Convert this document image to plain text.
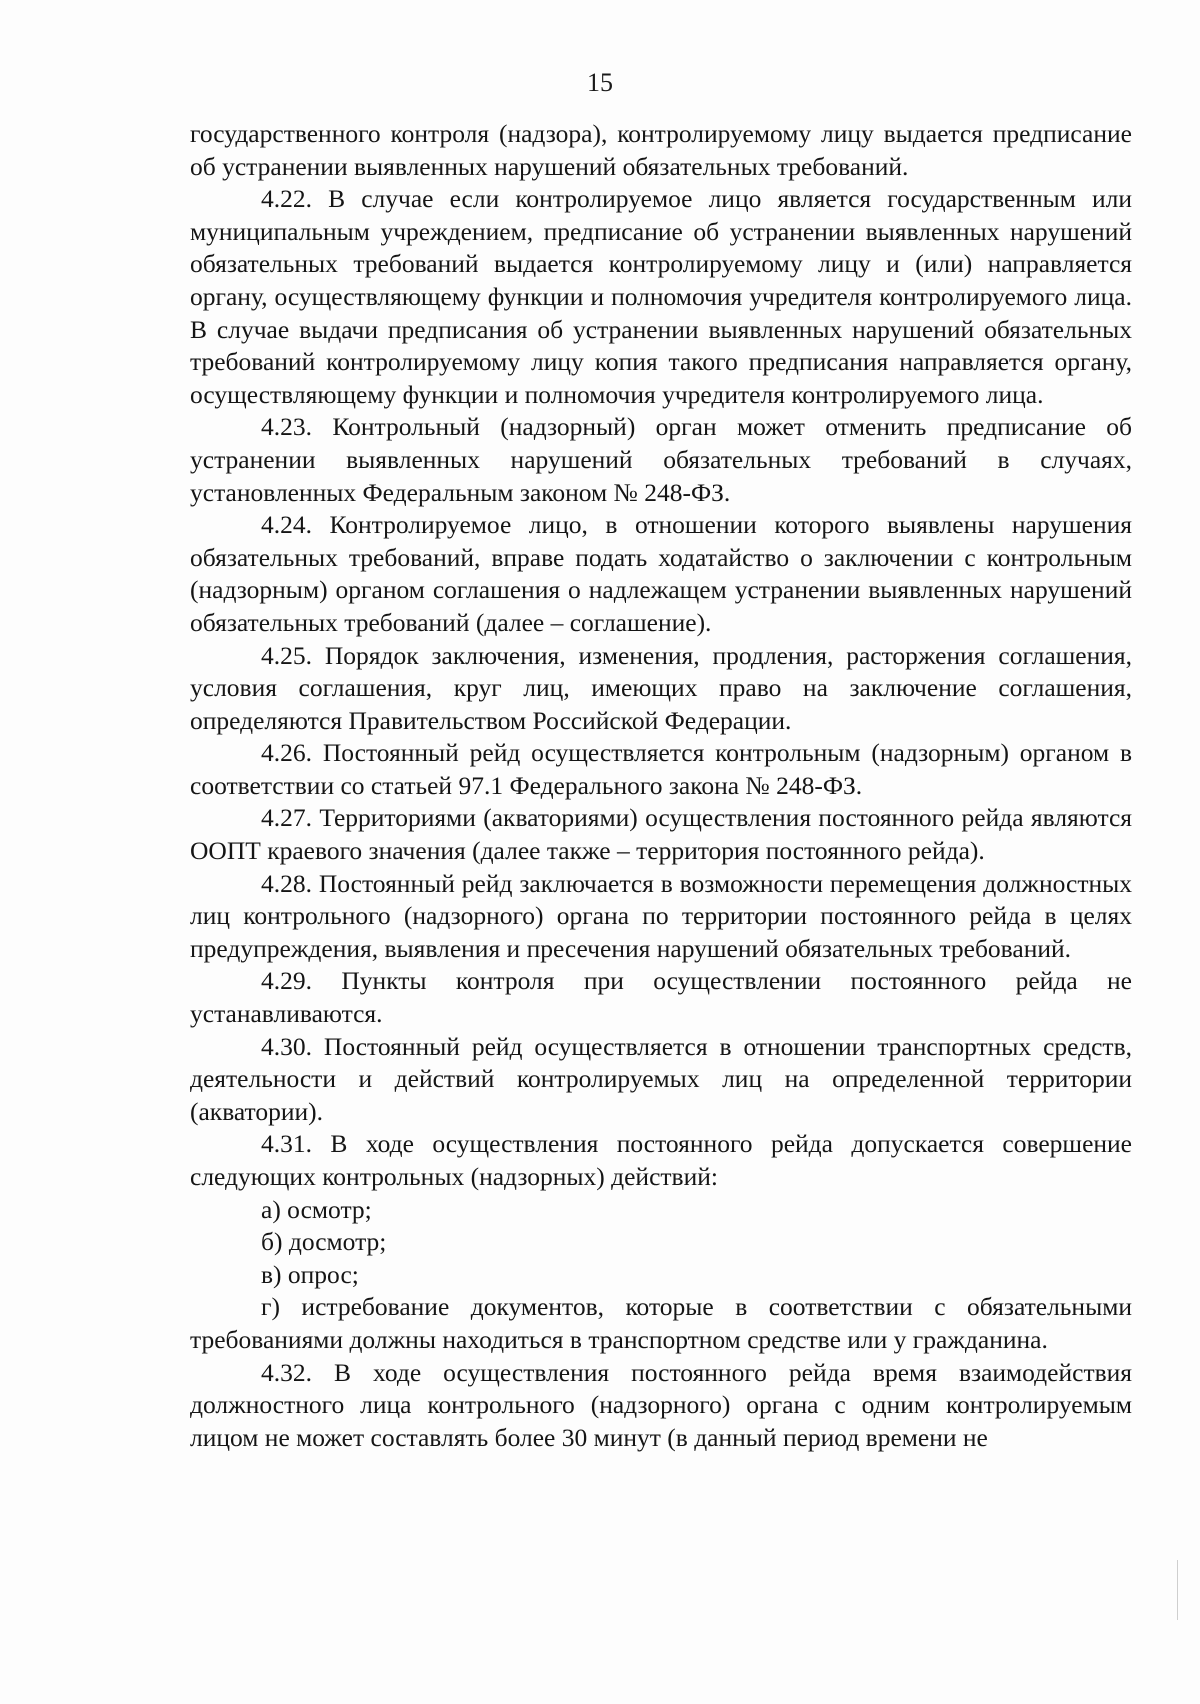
15

государственного контроля (надзора), контролируемому лицу выдается предписание об устранении выявленных нарушений обязательных требований.

4.22. В случае если контролируемое лицо является государственным или муниципальным учреждением, предписание об устранении выявленных нарушений обязательных требований выдается контролируемому лицу и (или) направляется органу, осуществляющему функции и полномочия учредителя контролируемого лица. В случае выдачи предписания об устранении выявленных нарушений обязательных требований контролируемому лицу копия такого предписания направляется органу, осуществляющему функции и полномочия учредителя контролируемого лица.

4.23. Контрольный (надзорный) орган может отменить предписание об устранении выявленных нарушений обязательных требований в случаях, установленных Федеральным законом № 248-ФЗ.

4.24. Контролируемое лицо, в отношении которого выявлены нарушения обязательных требований, вправе подать ходатайство о заключении с контрольным (надзорным) органом соглашения о надлежащем устранении выявленных нарушений обязательных требований (далее – соглашение).

4.25. Порядок заключения, изменения, продления, расторжения соглашения, условия соглашения, круг лиц, имеющих право на заключение соглашения, определяются Правительством Российской Федерации.

4.26. Постоянный рейд осуществляется контрольным (надзорным) органом в соответствии со статьей 97.1 Федерального закона № 248-ФЗ.

4.27. Территориями (акваториями) осуществления постоянного рейда являются ООПТ краевого значения (далее также – территория постоянного рейда).

4.28. Постоянный рейд заключается в возможности перемещения должностных лиц контрольного (надзорного) органа по территории постоянного рейда в целях предупреждения, выявления и пресечения нарушений обязательных требований.

4.29. Пункты контроля при осуществлении постоянного рейда не устанавливаются.

4.30. Постоянный рейд осуществляется в отношении транспортных средств, деятельности и действий контролируемых лиц на определенной территории (акватории).

4.31. В ходе осуществления постоянного рейда допускается совершение следующих контрольных (надзорных) действий:

а) осмотр;

б) досмотр;

в) опрос;

г) истребование документов, которые в соответствии с обязательными требованиями должны находиться в транспортном средстве или у гражданина.

4.32. В ходе осуществления постоянного рейда время взаимодействия должностного лица контрольного (надзорного) органа с одним контролируемым лицом не может составлять более 30 минут (в данный период времени не
